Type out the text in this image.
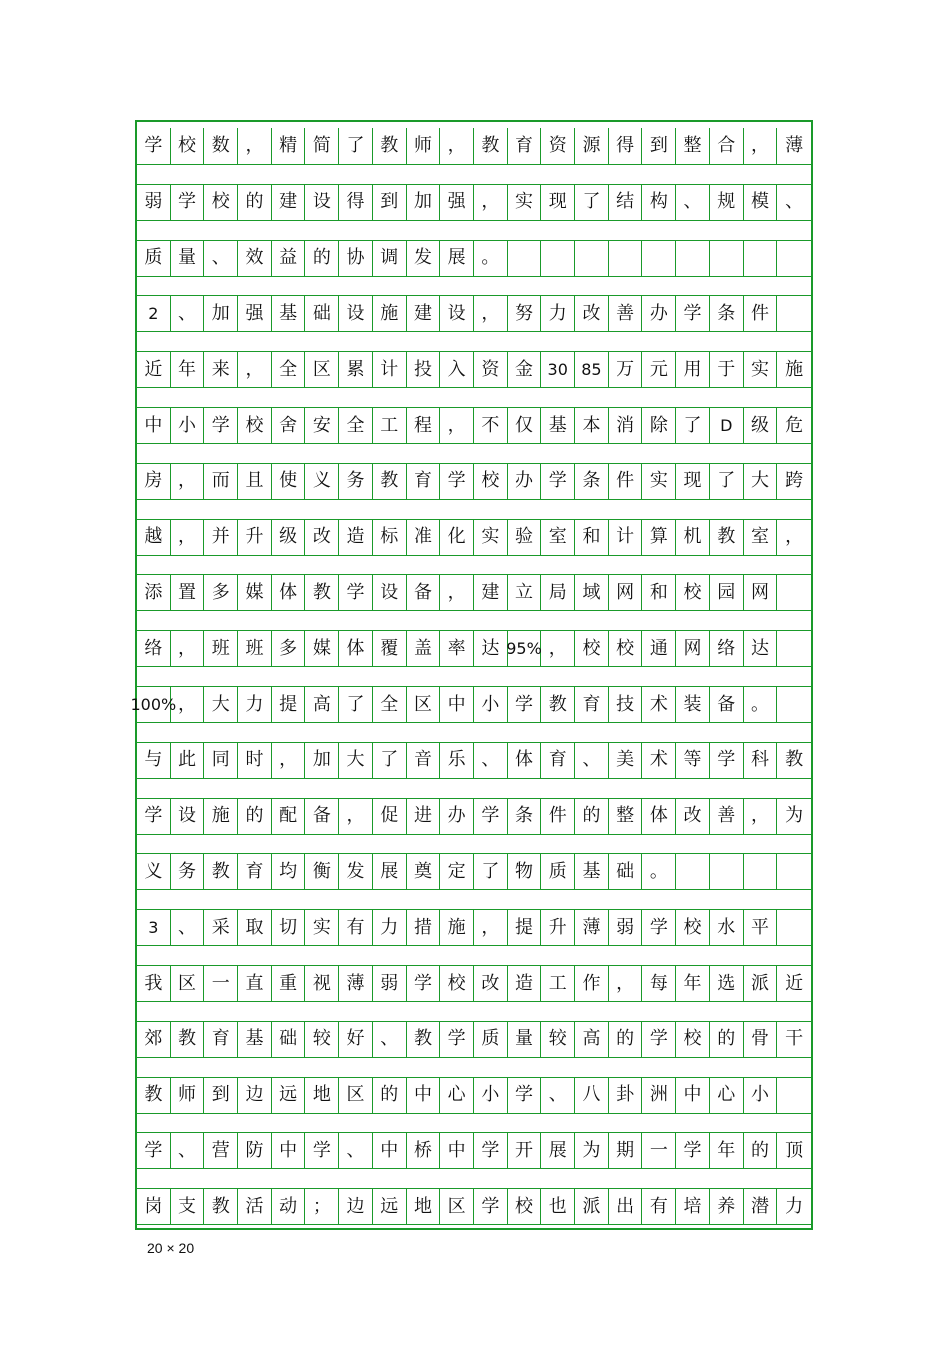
学 校 数 ， 精 简 了 教 师 ， 教 育 资 源 得 到 整 合 ， 薄
弱 学 校 的 建 设 得 到 加 强 ， 实 现 了 结 构 、 规 模 、
质 量 、 效 益 的 协 调 发 展 。
2	、 加 强 基 础 设 施 建 设 ， 努 力 改 善 办 学 条 件
近 年 来 ， 全 区 累 计 投 入 资 金 30 85 万 元 用 于 实 施
中 小 学 校 舍 安 全 工 程 ， 不 仅 基 本 消 除 了	D	级 危
房 ， 而 且 使 义 务 教 育 学 校 办 学 条 件 实 现 了 大 跨
越 ， 并 升 级 改 造 标 准 化 实 验 室 和 计 算 机 教 室 ，
添 置 多 媒 体 教 学 设 备 ， 建 立 局 域 网 和 校 园 网
络 ， 班 班 多 媒 体 覆 盖 率 达 95% ， 校 校 通 网 络 达
100% ， 大 力 提 高 了 全 区 中 小 学 教 育 技 术 装 备 。
与 此 同 时 ， 加 大 了 音 乐 、 体 育 、 美 术 等 学 科 教
学 设 施 的 配 备 ， 促 进 办 学 条 件 的 整 体 改 善 ， 为
义 务 教 育 均 衡 发 展 奠 定 了 物 质 基 础 。
3	、 采 取 切 实 有 力 措 施 ， 提 升 薄 弱 学 校 水 平
我 区 一 直 重 视 薄 弱 学 校 改 造 工 作 ， 每 年 选 派 近
郊 教 育 基 础 较 好 、 教 学 质 量 较 高 的 学 校 的 骨 干
教 师 到 边 远 地 区 的 中 心 小 学 、 八 卦 洲 中 心 小
学 、 营 防 中 学 、 中 桥 中 学 开 展 为 期 一 学 年 的 顶
岗 支 教 活 动 ； 边 远 地 区 学 校 也 派 出 有 培 养 潜 力
20 × 20
